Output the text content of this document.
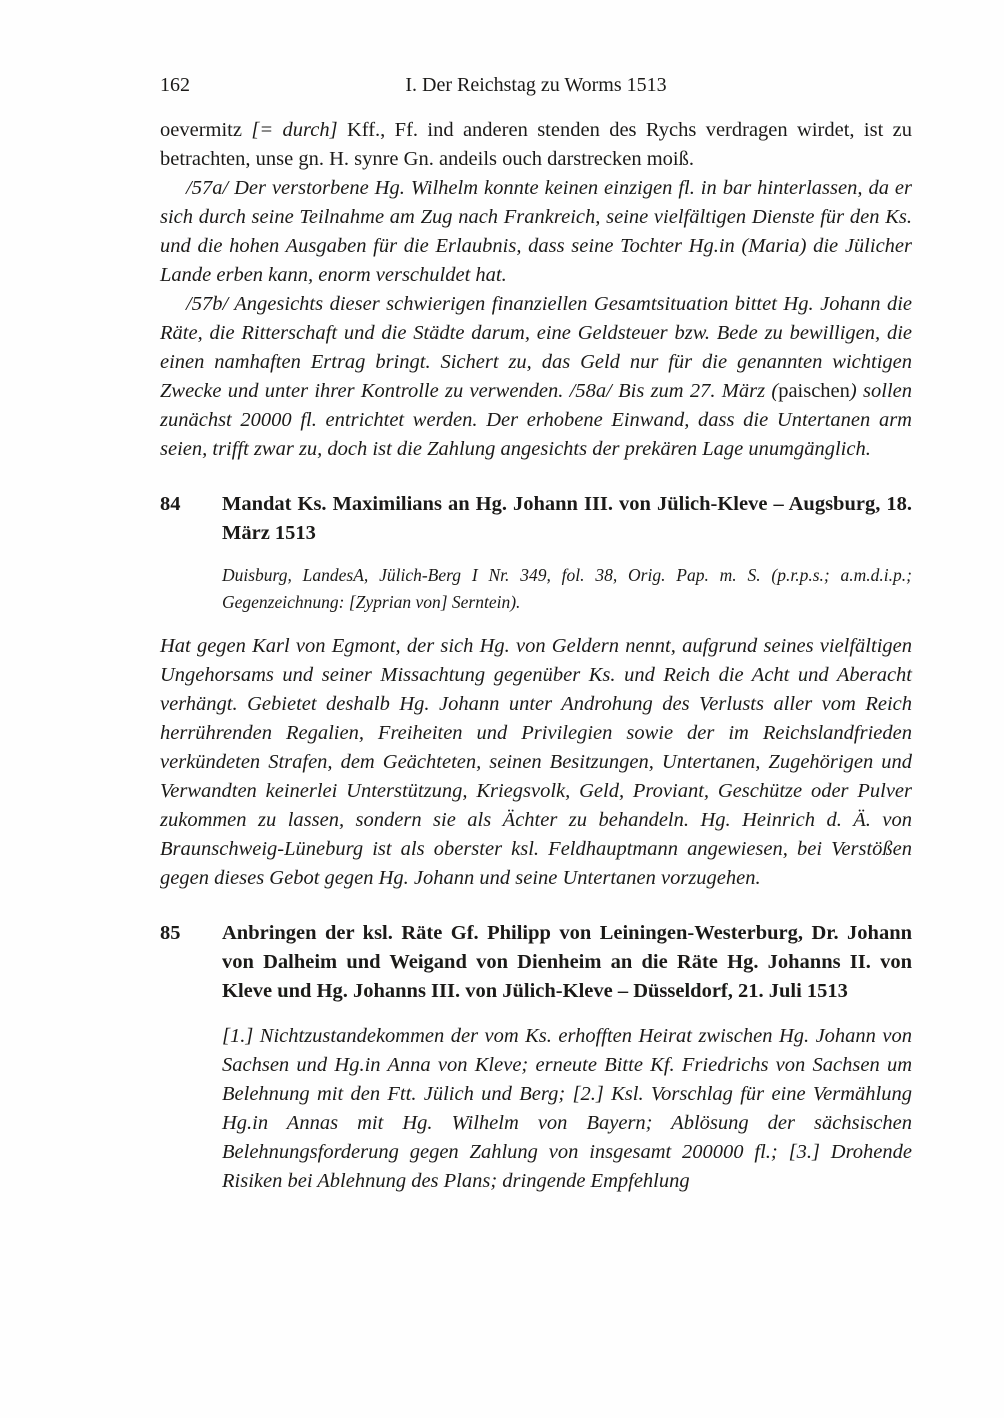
162	I. Der Reichstag zu Worms 1513

oevermitz [= durch] Kff., Ff. ind anderen stenden des Rychs verdragen wirdet, ist zu betrachten, unse gn. H. synre Gn. andeils ouch darstrecken moiß.

/57a/ Der verstorbene Hg. Wilhelm konnte keinen einzigen fl. in bar hinterlassen, da er sich durch seine Teilnahme am Zug nach Frankreich, seine vielfältigen Dienste für den Ks. und die hohen Ausgaben für die Erlaubnis, dass seine Tochter Hg.in (Maria) die Jülicher Lande erben kann, enorm verschuldet hat.

/57b/ Angesichts dieser schwierigen finanziellen Gesamtsituation bittet Hg. Johann die Räte, die Ritterschaft und die Städte darum, eine Geldsteuer bzw. Bede zu bewilligen, die einen namhaften Ertrag bringt. Sichert zu, das Geld nur für die genannten wichtigen Zwecke und unter ihrer Kontrolle zu verwenden. /58a/ Bis zum 27. März (paischen) sollen zunächst 20000 fl. entrichtet werden. Der erhobene Einwand, dass die Untertanen arm seien, trifft zwar zu, doch ist die Zahlung angesichts der prekären Lage unumgänglich.

84	Mandat Ks. Maximilians an Hg. Johann III. von Jülich-Kleve – Augsburg, 18. März 1513

Duisburg, LandesA, Jülich-Berg I Nr. 349, fol. 38, Orig. Pap. m. S. (p.r.p.s.; a.m.d.i.p.; Gegenzeichnung: [Zyprian von] Serntein).

Hat gegen Karl von Egmont, der sich Hg. von Geldern nennt, aufgrund seines vielfältigen Ungehorsams und seiner Missachtung gegenüber Ks. und Reich die Acht und Aberacht verhängt. Gebietet deshalb Hg. Johann unter Androhung des Verlusts aller vom Reich herrührenden Regalien, Freiheiten und Privilegien sowie der im Reichslandfrieden verkündeten Strafen, dem Geächteten, seinen Besitzungen, Untertanen, Zugehörigen und Verwandten keinerlei Unterstützung, Kriegsvolk, Geld, Proviant, Geschütze oder Pulver zukommen zu lassen, sondern sie als Ächter zu behandeln. Hg. Heinrich d. Ä. von Braunschweig-Lüneburg ist als oberster ksl. Feldhauptmann angewiesen, bei Verstößen gegen dieses Gebot gegen Hg. Johann und seine Untertanen vorzugehen.

85	Anbringen der ksl. Räte Gf. Philipp von Leiningen-Westerburg, Dr. Johann von Dalheim und Weigand von Dienheim an die Räte Hg. Johanns II. von Kleve und Hg. Johanns III. von Jülich-Kleve – Düsseldorf, 21. Juli 1513

[1.] Nichtzustandekommen der vom Ks. erhofften Heirat zwischen Hg. Johann von Sachsen und Hg.in Anna von Kleve; erneute Bitte Kf. Friedrichs von Sachsen um Belehnung mit den Ftt. Jülich und Berg; [2.] Ksl. Vorschlag für eine Vermählung Hg.in Annas mit Hg. Wilhelm von Bayern; Ablösung der sächsischen Belehnungsforderung gegen Zahlung von insgesamt 200000 fl.; [3.] Drohende Risiken bei Ablehnung des Plans; dringende Empfehlung
